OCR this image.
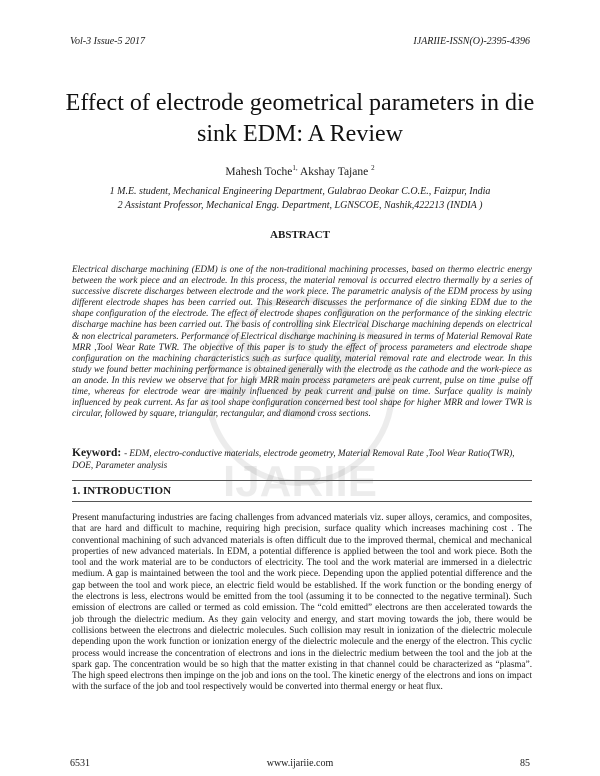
Vol-3 Issue-5 2017	IJARIIE-ISSN(O)-2395-4396
IJARIIE
Effect of electrode geometrical parameters in die sink EDM: A Review
Mahesh Toche$^{1,}$ Akshay Tajane $^2$
1 M.E. student, Mechanical Engineering Department, Gulabrao Deokar C.O.E., Faizpur, India
2 Assistant Professor, Mechanical Engg. Department, LGNSCOE, Nashik,422213 (INDIA )
ABSTRACT

Electrical discharge machining (EDM) is one of the non-traditional machining processes, based on thermo electric energy between the work piece and an electrode. In this process, the material removal is occurred electro thermally by a series of successive discrete discharges between electrode and the work piece. The parametric analysis of the EDM process by using different electrode shapes has been carried out. This Research discusses the performance of die sinking EDM due to the shape configuration of the electrode. The effect of electrode shapes configuration on the performance of the sinking electric discharge machine has been carried out. The basis of controlling sink Electrical Discharge machining depends on electrical & non electrical parameters. Performance of Electrical discharge machining is measured in terms of Material Removal Rate MRR ,Tool Wear Rate TWR. The objective of this paper is to study the effect of process parameters and electrode shape configuration on the machining characteristics such as surface quality, material removal rate and electrode wear. In this study we found better machining performance is obtained generally with the electrode as the cathode and the work-piece as an anode. In this review we observe that for high MRR main process parameters are peak current, pulse on time ,pulse off time, whereas for electrode wear are mainly influenced by peak current and pulse on time. Surface quality is mainly influenced by peak current. As far as tool shape configuration concerned best tool shape for higher MRR and lower TWR is circular, followed by square, triangular, rectangular, and diamond cross sections.

Keyword: - EDM, electro-conductive materials, electrode geometry, Material Removal Rate ,Tool Wear Ratio(TWR), DOE, Parameter analysis

1. INTRODUCTION

Present manufacturing industries are facing challenges from advanced materials viz. super alloys, ceramics, and composites, that are hard and difficult to machine, requiring high precision, surface quality which increases machining cost . The conventional machining of such advanced materials is often difficult due to the improved thermal, chemical and mechanical properties of new advanced materials. In EDM, a potential difference is applied between the tool and work piece. Both the tool and the work material are to be conductors of electricity. The tool and the work material are immersed in a dielectric medium. A gap is maintained between the tool and the work piece. Depending upon the applied potential difference and the gap between the tool and work piece, an electric field would be established. If the work function or the bonding energy of the electrons is less, electrons would be emitted from the tool (assuming it to be connected to the negative terminal). Such emission of electrons are called or termed as cold emission. The “cold emitted” electrons are then accelerated towards the job through the dielectric medium. As they gain velocity and energy, and start moving towards the job, there would be collisions between the electrons and dielectric molecules. Such collision may result in ionization of the dielectric molecule depending upon the work function or ionization energy of the dielectric molecule and the energy of the electron. This cyclic process would increase the concentration of electrons and ions in the dielectric medium between the tool and the job at the spark gap. The concentration would be so high that the matter existing in that channel could be characterized as “plasma”. The high speed electrons then impinge on the job and ions on the tool. The kinetic energy of the electrons and ions on impact with the surface of the job and tool respectively would be converted into thermal energy or heat flux.

6531	www.ijariie.com	85
